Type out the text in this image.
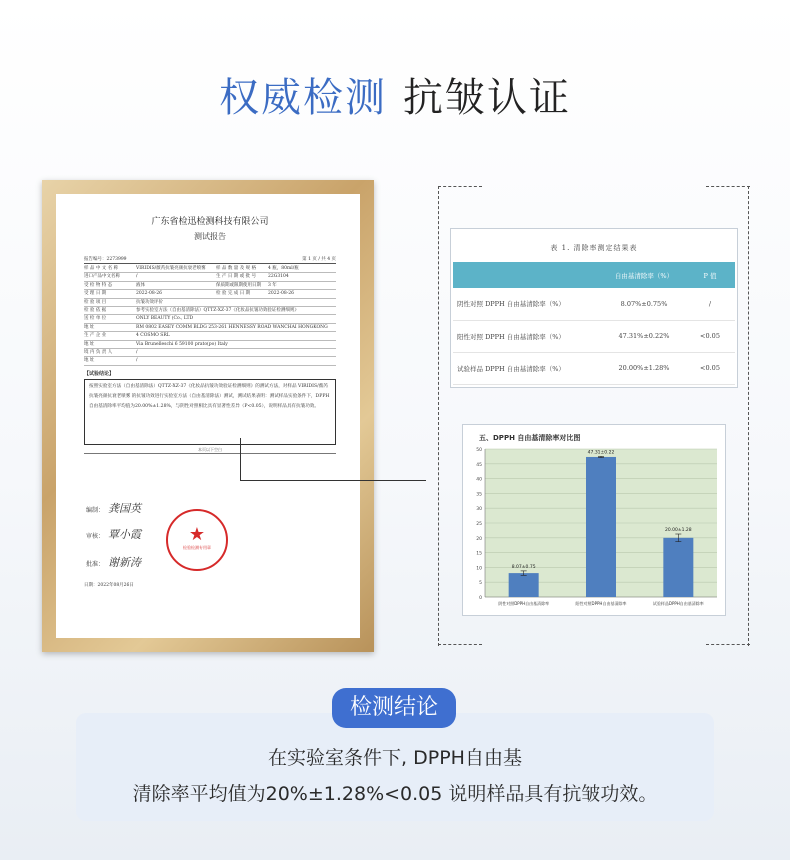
权威检测 抗皱认证
广东省检迅检测科技有限公司
测试报告
报告编号：2273999	第 1 页 / 共 4 页
样 品 中 文 名 称	VIRIDIS/薇芮抗皱亮颜抗衰老喷雾	样 品 数 量 及 规 格	4 瓶，80ml/瓶
进口产品中文名称	/	生 产 日 期 或 批 号	22G3104
受 检 物 特 态	液体	保质期或限期使用日期	3 年
受 理 日 期	2022-08-26	检 验 完 成 日 期	2022-08-26
检 验 项 目	抗皱功效评价
检 验 依 据	参考实验室方法（自由基清除法）QTTZ-XZ-37《化妆品抗皱功效验证检测细则》
送 检 单 位	ONLY BEAUTY (Co., LTD
地 址	RM 0802 EASEY COMM BLDG 253-261 HENNESSY ROAD WANCHAI HONGKONG
生 产 企 业	4 COSMO SRL
地 址	Via Brunelleschi 6 59100 prato(po) Italy
境 内 负 责 人	/
地 址	/
【试验结论】
按照实验室方法（自由基清除法）QTTZ-XZ-37《化妆品抗皱功效验证检测细则》的测试方法，对样品 VIRIDIS/薇芮抗皱亮颜抗衰老喷雾 的抗皱功效进行实验室方法（自由基清除法）测试，测试结果表明：测试样品实验条件下，DPPH自由基清除率平均值为20.00%±1.28%，与阴性对照相比具有显著性差异（P<0.05），说明样品具有抗皱功效。
本页以下空白
编制： 龚国英
审核： 覃小霞
批准： 谢新涛
★
检验检测专用章
日期：2022年08月26日
表 1. 清除率测定结果表
	自由基清除率（%）	P 值
阴性对照 DPPH 自由基清除率（%）	8.07%±0.75%	/
阳性对照 DPPH 自由基清除率（%）	47.31%±0.22%	<0.05
试验样品 DPPH 自由基清除率（%）	20.00%±1.28%	<0.05
五、DPPH 自由基清除率对比图
0
5
10
15
20
25
30
35
40
45
50
8.07±0.75
阴性对照DPPH自由基清除率
47.31±0.22
阳性对照DPPH自由基清除率
20.00±1.28
试验样品DPPH自由基清除率
检测结论
在实验室条件下, DPPH自由基
清除率平均值为20%±1.28%<0.05 说明样品具有抗皱功效。
